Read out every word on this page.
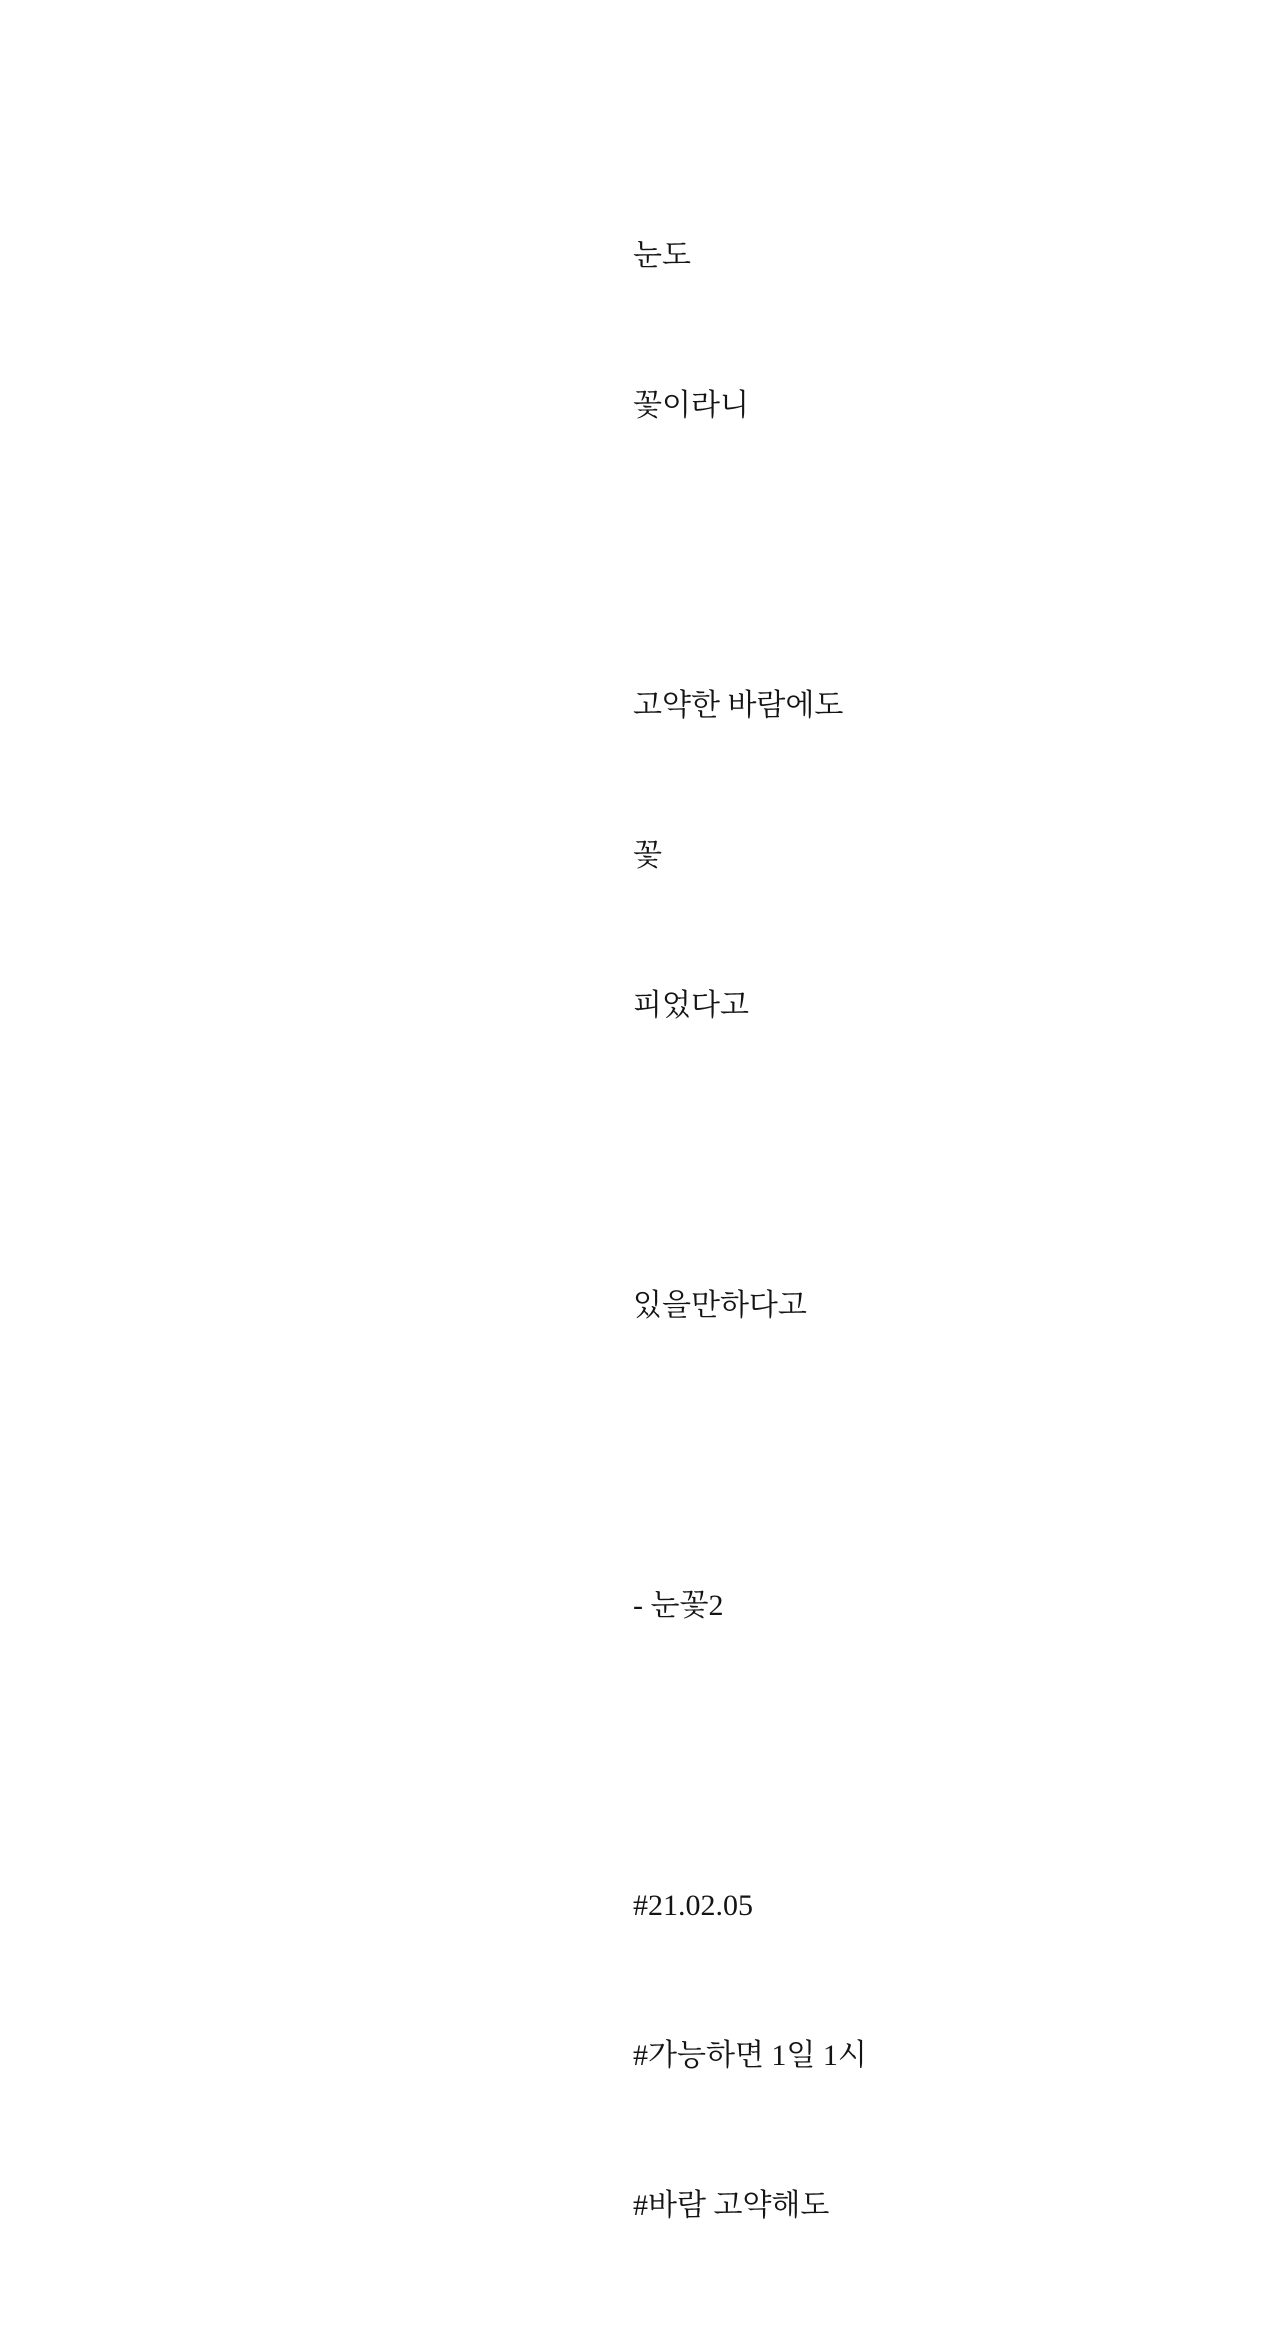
눈도

꽃이라니

고약한 바람에도

꽃

피었다고

있을만하다고

- 눈꽃2

#21.02.05

#가능하면 1일 1시

#바람 고약해도
